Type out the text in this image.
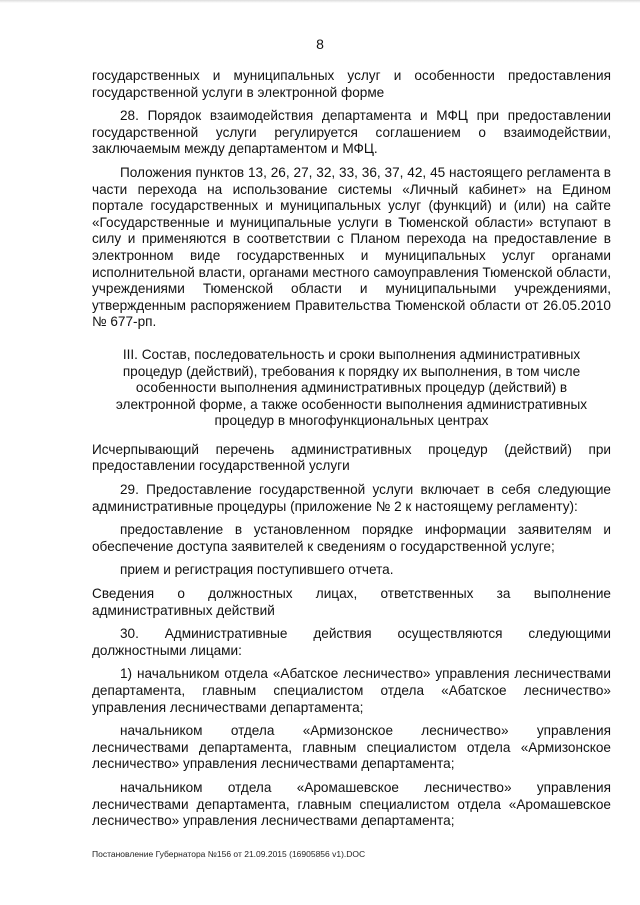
8

государственных и муниципальных услуг и особенности предоставления государственной услуги в электронной форме

28. Порядок взаимодействия департамента и МФЦ при предоставлении государственной услуги регулируется соглашением о взаимодействии, заключаемым между департаментом и МФЦ.

Положения пунктов 13, 26, 27, 32, 33, 36, 37, 42, 45 настоящего регламента в части перехода на использование системы «Личный кабинет» на Едином портале государственных и муниципальных услуг (функций) и (или) на сайте «Государственные и муниципальные услуги в Тюменской области» вступают в силу и применяются в соответствии с Планом перехода на предоставление в электронном виде государственных и муниципальных услуг органами исполнительной власти, органами местного самоуправления Тюменской области, учреждениями Тюменской области и муниципальными учреждениями, утвержденным распоряжением Правительства Тюменской области от 26.05.2010 № 677-рп.

III. Состав, последовательность и сроки выполнения административных процедур (действий), требования к порядку их выполнения, в том числе особенности выполнения административных процедур (действий) в электронной форме, а также особенности выполнения административных процедур в многофункциональных центрах

Исчерпывающий перечень административных процедур (действий) при предоставлении государственной услуги

29. Предоставление государственной услуги включает в себя следующие административные процедуры (приложение № 2 к настоящему регламенту):

предоставление в установленном порядке информации заявителям и обеспечение доступа заявителей к сведениям о государственной услуге;

прием и регистрация поступившего отчета.

Сведения о должностных лицах, ответственных за выполнение административных действий

30. Административные действия осуществляются следующими должностными лицами:

1) начальником отдела «Абатское лесничество» управления лесничествами департамента, главным специалистом отдела «Абатское лесничество» управления лесничествами департамента;

начальником отдела «Армизонское лесничество» управления лесничествами департамента, главным специалистом отдела «Армизонское лесничество» управления лесничествами департамента;

начальником отдела «Аромашевское лесничество» управления лесничествами департамента, главным специалистом отдела «Аромашевское лесничество» управления лесничествами департамента;

Постановление Губернатора №156 от 21.09.2015 (16905856 v1).DOC
